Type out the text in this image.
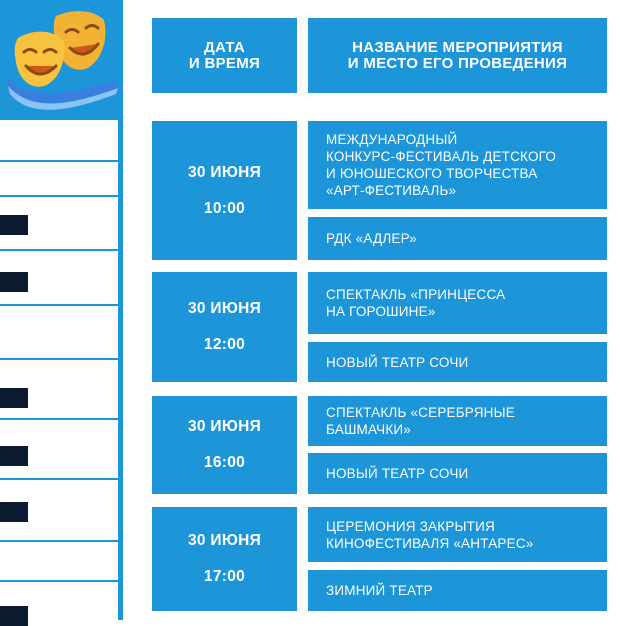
ДАТА
И ВРЕМЯ
НАЗВАНИЕ МЕРОПРИЯТИЯ
И МЕСТО ЕГО ПРОВЕДЕНИЯ
30 ИЮНЯ
10:00
МЕЖДУНАРОДНЫЙ
КОНКУРС-ФЕСТИВАЛЬ ДЕТСКОГО
И ЮНОШЕСКОГО ТВОРЧЕСТВА
«АРТ-ФЕСТИВАЛЬ»
РДК «АДЛЕР»
30 ИЮНЯ
12:00
СПЕКТАКЛЬ «ПРИНЦЕССА
НА ГОРОШИНЕ»
НОВЫЙ ТЕАТР СОЧИ
30 ИЮНЯ
16:00
СПЕКТАКЛЬ «СЕРЕБРЯНЫЕ
БАШМАЧКИ»
НОВЫЙ ТЕАТР СОЧИ
30 ИЮНЯ
17:00
ЦЕРЕМОНИЯ ЗАКРЫТИЯ
КИНОФЕСТИВАЛЯ «АНТАРЕС»
ЗИМНИЙ ТЕАТР
